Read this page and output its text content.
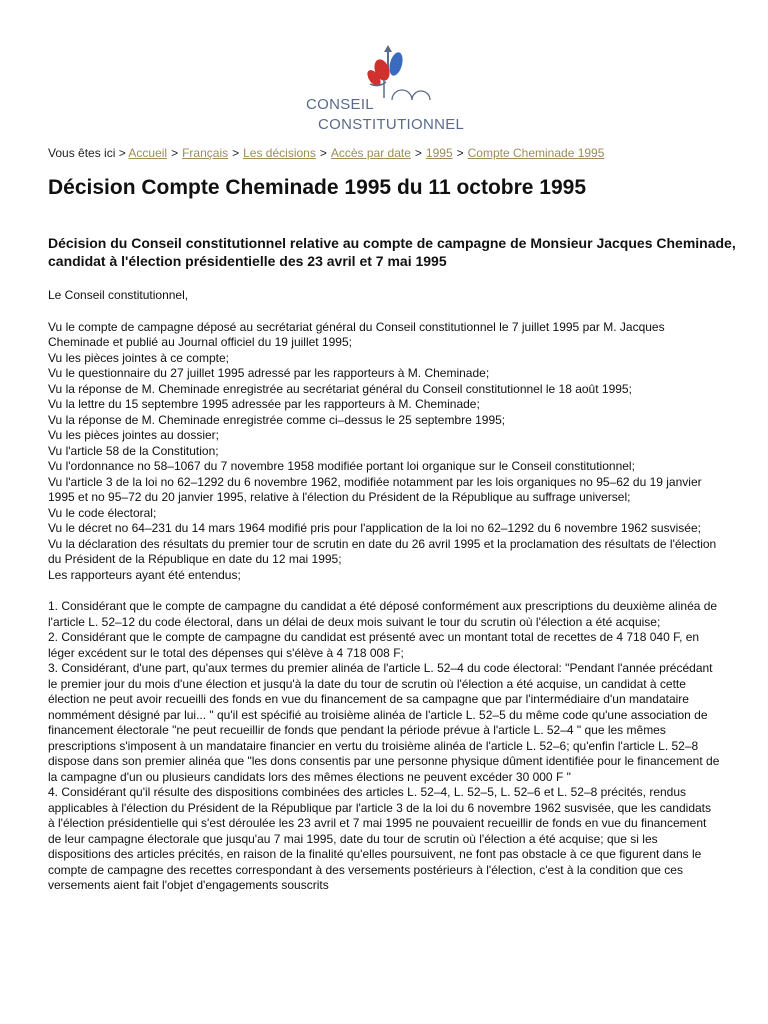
CONSEIL
CONSTITUTIONNEL
Vous êtes ici > Accueil > Français > Les décisions > Accès par date > 1995 > Compte Cheminade 1995
Décision Compte Cheminade 1995 du 11 octobre 1995
Décision du Conseil constitutionnel relative au compte de campagne de Monsieur Jacques Cheminade, candidat à l'élection présidentielle des 23 avril et 7 mai 1995

Le Conseil constitutionnel,

Vu le compte de campagne déposé au secrétariat général du Conseil constitutionnel le 7 juillet 1995 par M. Jacques Cheminade et publié au Journal officiel du 19 juillet 1995;

Vu les pièces jointes à ce compte;

Vu le questionnaire du 27 juillet 1995 adressé par les rapporteurs à M. Cheminade;

Vu la réponse de M. Cheminade enregistrée au secrétariat général du Conseil constitutionnel le 18 août 1995;

Vu la lettre du 15 septembre 1995 adressée par les rapporteurs à M. Cheminade;

Vu la réponse de M. Cheminade enregistrée comme ci–dessus le 25 septembre 1995;

Vu les pièces jointes au dossier;

Vu l'article 58 de la Constitution;

Vu l'ordonnance no 58–1067 du 7 novembre 1958 modifiée portant loi organique sur le Conseil constitutionnel;

Vu l'article 3 de la loi no 62–1292 du 6 novembre 1962, modifiée notamment par les lois organiques no 95–62 du 19 janvier 1995 et no 95–72 du 20 janvier 1995, relative à l'élection du Président de la République au suffrage universel;

Vu le code électoral;

Vu le décret no 64–231 du 14 mars 1964 modifié pris pour l'application de la loi no 62–1292 du 6 novembre 1962 susvisée;

Vu la déclaration des résultats du premier tour de scrutin en date du 26 avril 1995 et la proclamation des résultats de l'élection du Président de la République en date du 12 mai 1995;

Les rapporteurs ayant été entendus;

1. Considérant que le compte de campagne du candidat a été déposé conformément aux prescriptions du deuxième alinéa de l'article L. 52–12 du code électoral, dans un délai de deux mois suivant le tour du scrutin où l'élection a été acquise;

2. Considérant que le compte de campagne du candidat est présenté avec un montant total de recettes de 4 718 040 F, en léger excédent sur le total des dépenses qui s'élève à 4 718 008 F;

3. Considérant, d'une part, qu'aux termes du premier alinéa de l'article L. 52–4 du code électoral: "Pendant l'année précédant le premier jour du mois d'une élection et jusqu'à la date du tour de scrutin où l'élection a été acquise, un candidat à cette élection ne peut avoir recueilli des fonds en vue du financement de sa campagne que par l'intermédiaire d'un mandataire nommément désigné par lui... " qu'il est spécifié au troisième alinéa de l'article L. 52–5 du même code qu'une association de financement électorale "ne peut recueillir de fonds que pendant la période prévue à l'article L. 52–4 " que les mêmes prescriptions s'imposent à un mandataire financier en vertu du troisième alinéa de l'article L. 52–6; qu'enfin l'article L. 52–8 dispose dans son premier alinéa que "les dons consentis par une personne physique dûment identifiée pour le financement de la campagne d'un ou plusieurs candidats lors des mêmes élections ne peuvent excéder 30 000 F "

4. Considérant qu'il résulte des dispositions combinées des articles L. 52–4, L. 52–5, L. 52–6 et L. 52–8 précités, rendus applicables à l'élection du Président de la République par l'article 3 de la loi du 6 novembre 1962 susvisée, que les candidats à l'élection présidentielle qui s'est déroulée les 23 avril et 7 mai 1995 ne pouvaient recueillir de fonds en vue du financement de leur campagne électorale que jusqu'au 7 mai 1995, date du tour de scrutin où l'élection a été acquise; que si les dispositions des articles précités, en raison de la finalité qu'elles poursuivent, ne font pas obstacle à ce que figurent dans le compte de campagne des recettes correspondant à des versements postérieurs à l'élection, c'est à la condition que ces versements aient fait l'objet d'engagements souscrits
